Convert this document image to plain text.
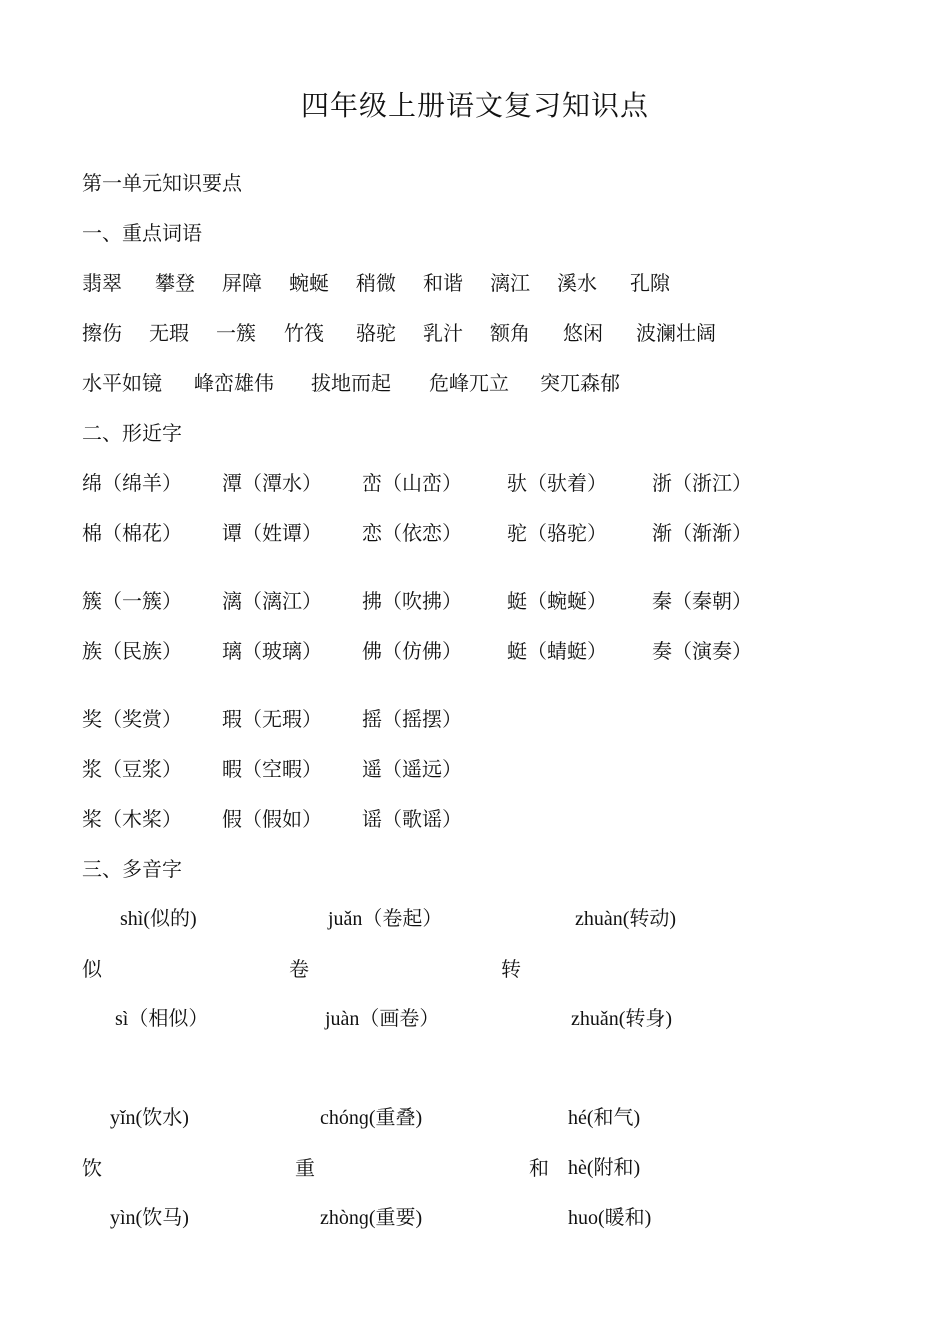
四年级上册语文复习知识点
第一单元知识要点
一、重点词语
翡翠 攀登 屏障 蜿蜒 稍微 和谐 漓江 溪水 孔隙
擦伤 无瑕 一簇 竹筏 骆驼 乳汁 额角 悠闲 波澜壮阔
水平如镜 峰峦雄伟 拔地而起 危峰兀立 突兀森郁
二、形近字
绵（绵羊） 潭（潭水） 峦（山峦） 驮（驮着） 浙（浙江）
棉（棉花） 谭（姓谭） 恋（依恋） 驼（骆驼） 渐（渐渐）
簇（一簇） 漓（漓江） 拂（吹拂） 蜓（蜿蜒） 秦（秦朝）
族（民族） 璃（玻璃） 佛（仿佛） 蜓（蜻蜓） 奏（演奏）
奖（奖赏） 瑕（无瑕） 摇（摇摆）
浆（豆浆） 暇（空暇） 遥（遥远）
桨（木桨） 假（假如） 谣（歌谣）
三、多音字
shì(似的)	juǎn（卷起）	zhuàn(转动)
似	卷	转
sì（相似）	juàn（画卷）	zhuǎn(转身)
yǐn(饮水)	chónɡ(重叠)	hé(和气)
饮	重	和 hè(附和)
yìn(饮马)	zhònɡ(重要)	huo(暖和)
